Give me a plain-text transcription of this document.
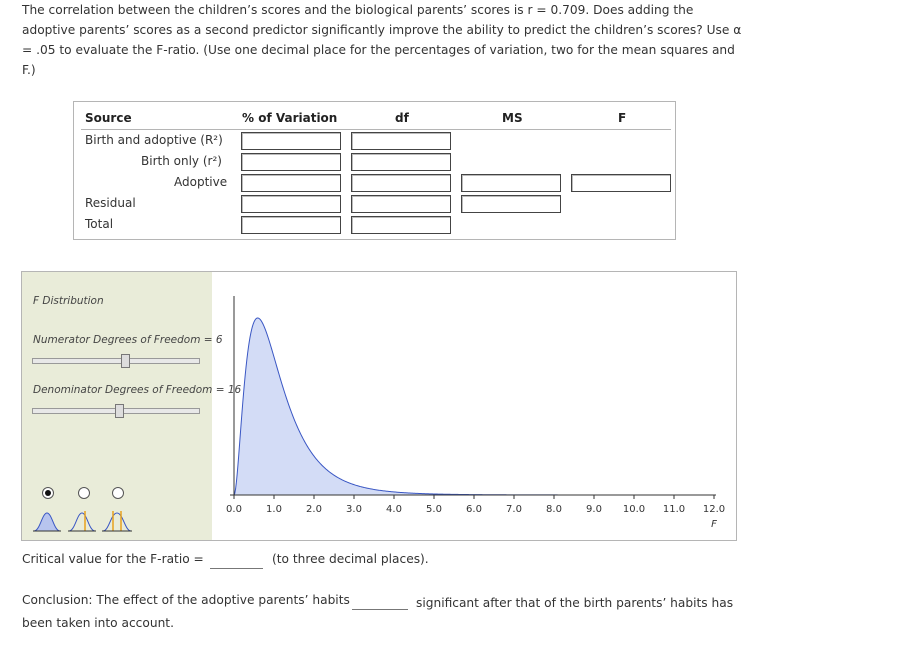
The correlation between the children’s scores and the biological parents’ scores is r = 0.709. Does adding the adoptive parents’ scores as a second predictor significantly improve the ability to predict the children’s scores? Use α = .05 to evaluate the F-ratio. (Use one decimal place for the percentages of variation, two for the mean squares and F.)
Source	% of Variation	df	MS	F
Birth and adoptive (R²)
Birth only (r²)
Adoptive
Residual
Total
F Distribution
Numerator Degrees of Freedom = 6
Denominator Degrees of Freedom = 16
0.0 1.0 2.0 3.0 4.0 5.0 6.0 7.0 8.0 9.0 10.0 11.0 12.0
F
Critical value for the F-ratio =	(to three decimal places).
Conclusion: The effect of the adoptive parents’ habits	significant after that of the birth parents’ habits has been taken into account.
